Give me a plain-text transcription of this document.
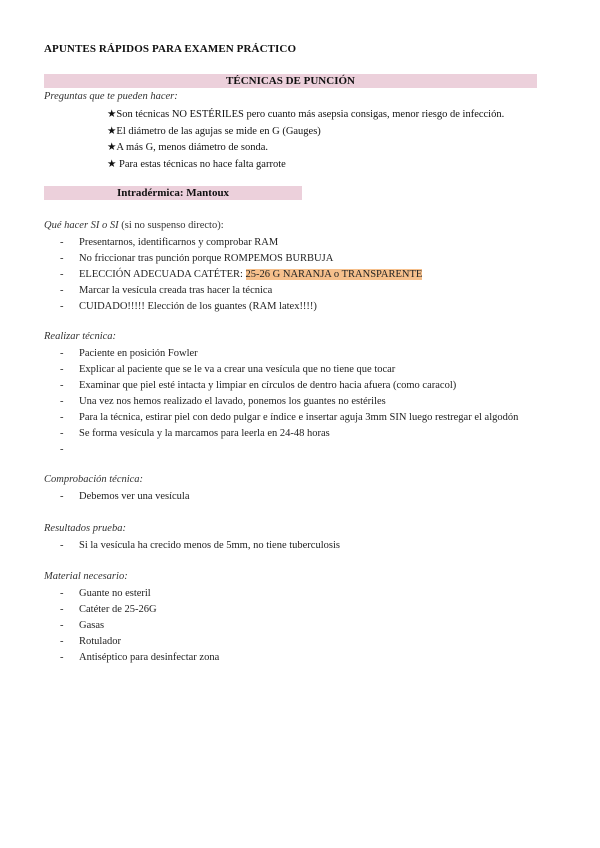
APUNTES RÁPIDOS PARA EXAMEN PRÁCTICO
TÉCNICAS DE PUNCIÓN
Preguntas que te pueden hacer:
★Son técnicas NO ESTÉRILES pero cuanto más asepsia consigas, menor riesgo de infección.
★El diámetro de las agujas se mide en G (Gauges)
★A más G, menos diámetro de sonda.
★ Para estas técnicas no hace falta garrote
Intradérmica: Mantoux
Qué hacer SI o SI (si no suspenso directo):
- Presentarnos, identificarnos y comprobar RAM
- No friccionar tras punción porque ROMPEMOS BURBUJA
- ELECCIÓN ADECUADA CATÉTER: 25-26 G NARANJA o TRANSPARENTE
- Marcar la vesícula creada tras hacer la técnica
- CUIDADO!!!!! Elección de los guantes (RAM latex!!!!)
Realizar técnica:
- Paciente en posición Fowler
- Explicar al paciente que se le va a crear una vesícula que no tiene que tocar
- Examinar que piel esté intacta y limpiar en círculos de dentro hacia afuera (como caracol)
- Una vez nos hemos realizado el lavado, ponemos los guantes no estériles
- Para la técnica, estirar piel con dedo pulgar e índice e insertar aguja 3mm SIN luego restregar el algodón
- Se forma vesícula y la marcamos para leerla en 24-48 horas
-
Comprobación técnica:
- Debemos ver una vesícula
Resultados prueba:
- Si la vesícula ha crecido menos de 5mm, no tiene tuberculosis
Material necesario:
- Guante no esteril
- Catéter de 25-26G
- Gasas
- Rotulador
- Antiséptico para desinfectar zona
